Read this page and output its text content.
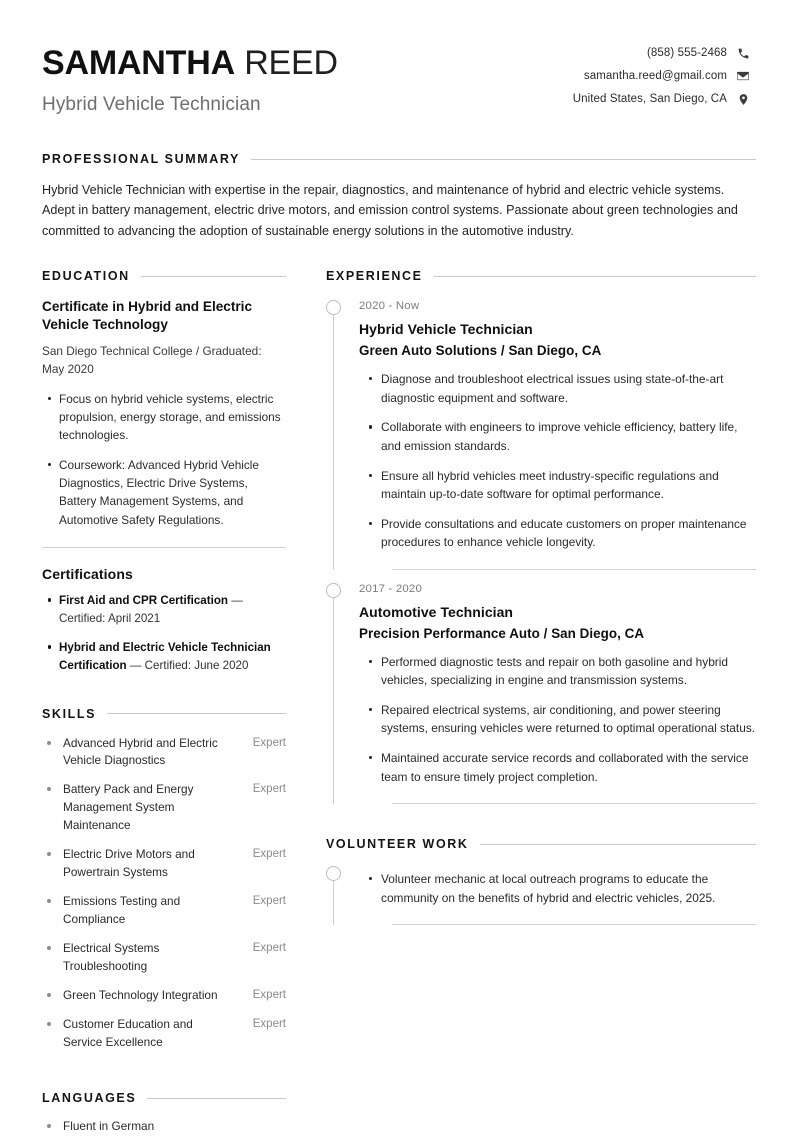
SAMANTHA REED
Hybrid Vehicle Technician
(858) 555-2468
samantha.reed@gmail.com
United States, San Diego, CA
PROFESSIONAL SUMMARY

Hybrid Vehicle Technician with expertise in the repair, diagnostics, and maintenance of hybrid and electric vehicle systems. Adept in battery management, electric drive motors, and emission control systems. Passionate about green technologies and committed to advancing the adoption of sustainable energy solutions in the automotive industry.

EDUCATION
Certificate in Hybrid and Electric Vehicle Technology
San Diego Technical College / Graduated: May 2020
Focus on hybrid vehicle systems, electric propulsion, energy storage, and emissions technologies.
Coursework: Advanced Hybrid Vehicle Diagnostics, Electric Drive Systems, Battery Management Systems, and Automotive Safety Regulations.
Certifications
First Aid and CPR Certification — Certified: April 2021
Hybrid and Electric Vehicle Technician Certification — Certified: June 2020
SKILLS
Advanced Hybrid and Electric Vehicle Diagnostics
Expert
Battery Pack and Energy Management System Maintenance
Expert
Electric Drive Motors and Powertrain Systems
Expert
Emissions Testing and Compliance
Expert
Electrical Systems Troubleshooting
Expert
Green Technology Integration	Expert
Customer Education and Service Excellence
Expert
LANGUAGES
Fluent in German
EXPERIENCE
2020 - Now
Hybrid Vehicle Technician
Green Auto Solutions / San Diego, CA
Diagnose and troubleshoot electrical issues using state-of-the-art diagnostic equipment and software.
Collaborate with engineers to improve vehicle efficiency, battery life, and emission standards.
Ensure all hybrid vehicles meet industry-specific regulations and maintain up-to-date software for optimal performance.
Provide consultations and educate customers on proper maintenance procedures to enhance vehicle longevity.
2017 - 2020
Automotive Technician
Precision Performance Auto / San Diego, CA
Performed diagnostic tests and repair on both gasoline and hybrid vehicles, specializing in engine and transmission systems.
Repaired electrical systems, air conditioning, and power steering systems, ensuring vehicles were returned to optimal operational status.
Maintained accurate service records and collaborated with the service team to ensure timely project completion.
VOLUNTEER WORK
Volunteer mechanic at local outreach programs to educate the community on the benefits of hybrid and electric vehicles, 2025.
